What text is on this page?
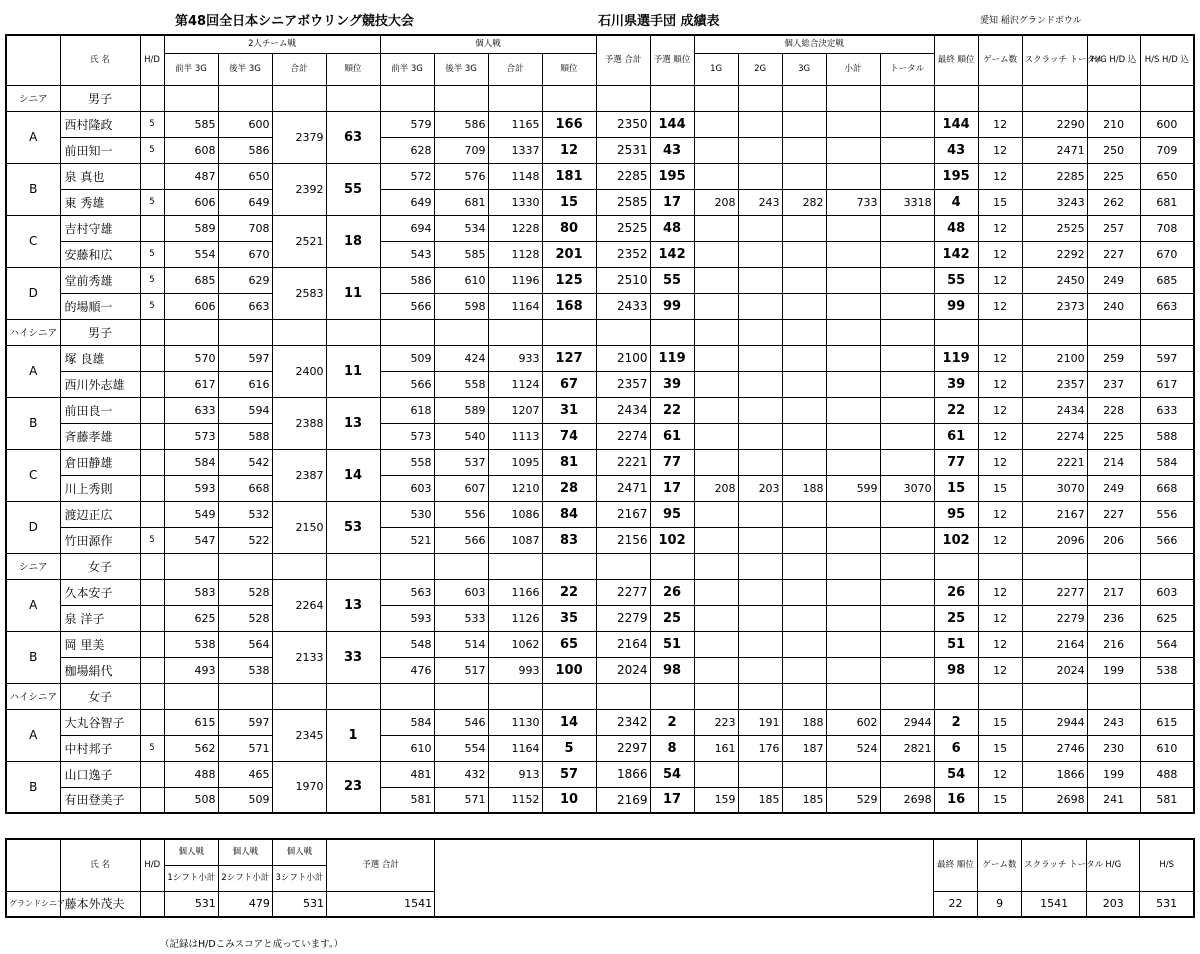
第48回全日本シニアボウリング競技大会	石川県選手団 成績表	愛知 稲沢グランドボウル
	氏 名	H/D	2人チーム戦				個人戦				予選 合計	予選 順位	個人総合決定戦					最終 順位	ゲーム数	スクラッチ トータル	H/G H/D 込	H/S H/D 込
			前半 3G	後半 3G	合計	順位	前半 3G	後半 3G	合計	順位			1G	2G	3G	小計	トータル					
シニア	男子																					
A	西村隆政	5	585	600	2379	63	579	586	1165	166	2350	144						144	12	2290	210	600
	前田知一	5	608	586			628	709	1337	12	2531	43						43	12	2471	250	709
B	泉 真也		487	650	2392	55	572	576	1148	181	2285	195						195	12	2285	225	650
	東 秀雄	5	606	649			649	681	1330	15	2585	17	208	243	282	733	3318	4	15	3243	262	681
C	吉村守雄		589	708	2521	18	694	534	1228	80	2525	48						48	12	2525	257	708
	安藤和広	5	554	670			543	585	1128	201	2352	142						142	12	2292	227	670
D	堂前秀雄	5	685	629	2583	11	586	610	1196	125	2510	55						55	12	2450	249	685
	的場順一	5	606	663			566	598	1164	168	2433	99						99	12	2373	240	663
ハイシニア	男子																					
A	塚 良雄		570	597	2400	11	509	424	933	127	2100	119						119	12	2100	259	597
	西川外志雄		617	616			566	558	1124	67	2357	39						39	12	2357	237	617
B	前田良一		633	594	2388	13	618	589	1207	31	2434	22						22	12	2434	228	633
	斉藤孝雄		573	588			573	540	1113	74	2274	61						61	12	2274	225	588
C	倉田静雄		584	542	2387	14	558	537	1095	81	2221	77						77	12	2221	214	584
	川上秀則		593	668			603	607	1210	28	2471	17	208	203	188	599	3070	15	15	3070	249	668
D	渡辺正広		549	532	2150	53	530	556	1086	84	2167	95						95	12	2167	227	556
	竹田源作	5	547	522			521	566	1087	83	2156	102						102	12	2096	206	566
シニア	女子																					
A	久本安子		583	528	2264	13	563	603	1166	22	2277	26						26	12	2277	217	603
	泉 洋子		625	528			593	533	1126	35	2279	25						25	12	2279	236	625
B	岡 里美		538	564	2133	33	548	514	1062	65	2164	51						51	12	2164	216	564
	枷場絹代		493	538			476	517	993	100	2024	98						98	12	2024	199	538
ハイシニア	女子																					
A	大丸谷智子		615	597	2345	1	584	546	1130	14	2342	2	223	191	188	602	2944	2	15	2944	243	615
	中村邦子	5	562	571			610	554	1164	5	2297	8	161	176	187	524	2821	6	15	2746	230	610
B	山口逸子		488	465	1970	23	481	432	913	57	1866	54						54	12	1866	199	488
	有田登美子		508	509			581	571	1152	10	2169	17	159	185	185	529	2698	16	15	2698	241	581
	氏 名	H/D	個人戦	個人戦	個人戦	予選 合計		最終 順位	ゲーム数	スクラッチ トータル	H/G	H/S
			1シフト小計	2シフト小計	3シフト小計							
グランドシニア	藤本外茂夫		531	479	531	1541		22	9	1541	203	531
（記録はH/Dこみスコアと成っています。）
